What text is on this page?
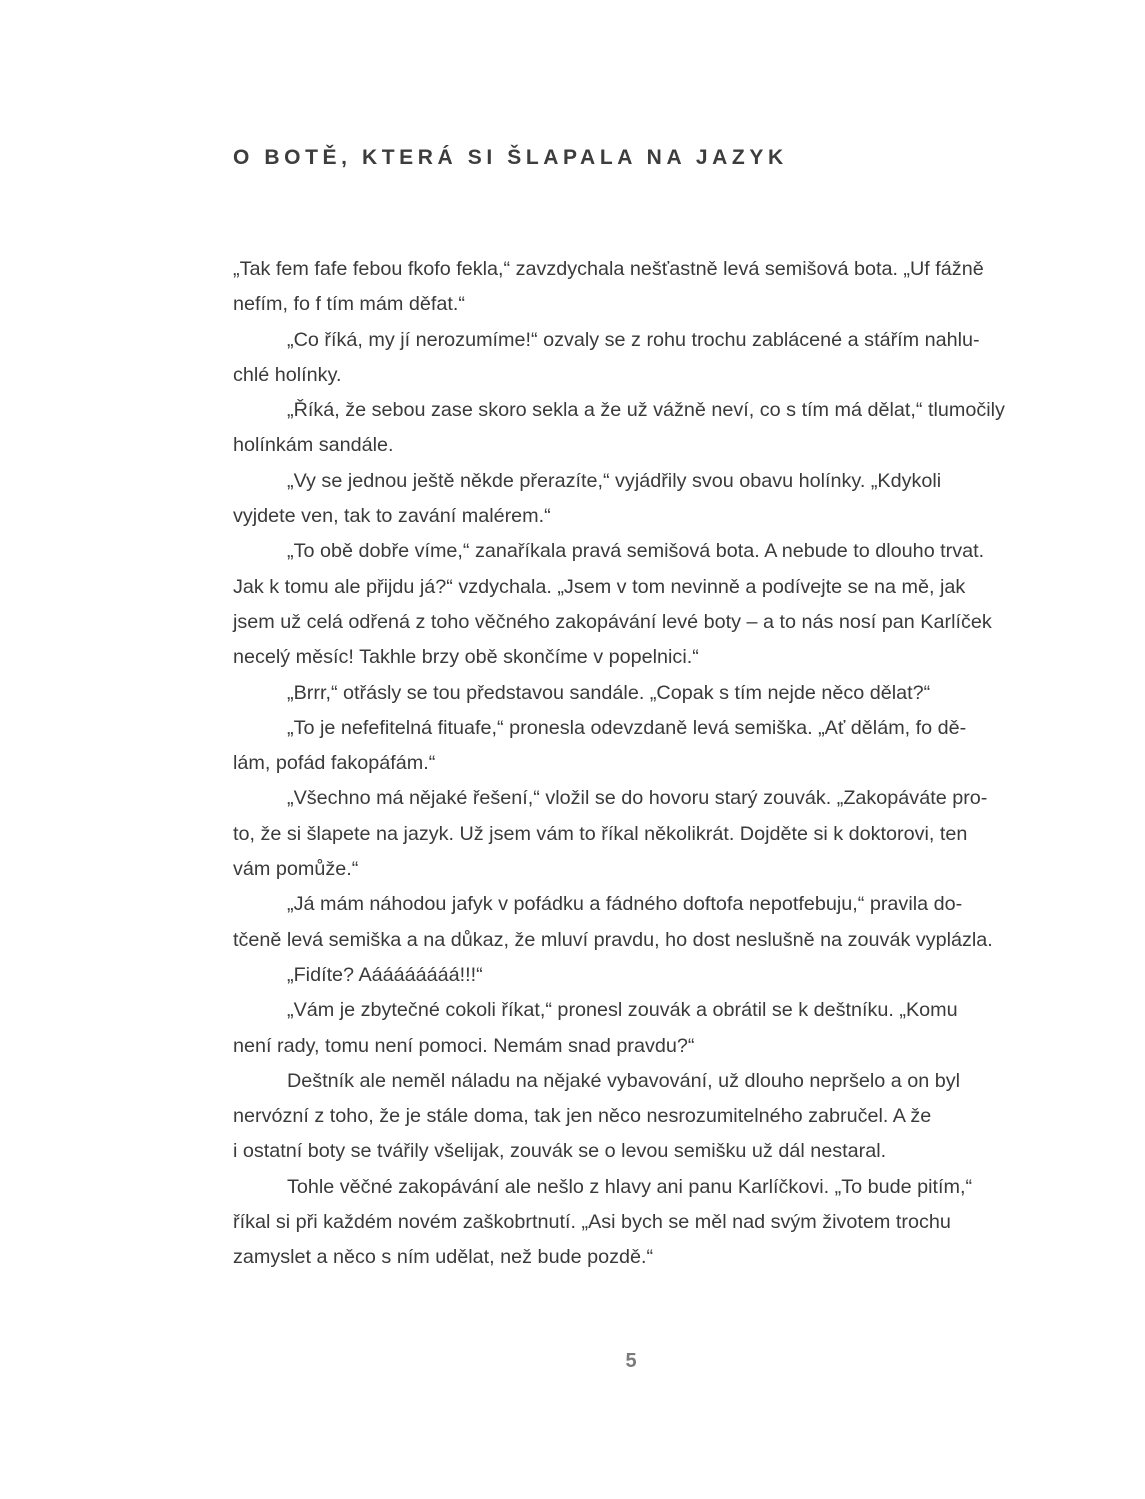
O BOTĚ, KTERÁ SI ŠLAPALA NA JAZYK
„Tak fem fafe febou fkofo fekla,“ zavzdychala nešťastně levá semišová bota. „Uf fážně
nefím, fo f tím mám děfat.“
„Co říká, my jí nerozumíme!“ ozvaly se z rohu trochu zablácené a stářím nahlu-
chlé holínky.
„Říká, že sebou zase skoro sekla a že už vážně neví, co s tím má dělat,“ tlumočily
holínkám sandále.
„Vy se jednou ještě někde přerazíte,“ vyjádřily svou obavu holínky. „Kdykoli
vyjdete ven, tak to zavání malérem.“
„To obě dobře víme,“ zanaříkala pravá semišová bota. A nebude to dlouho trvat.
Jak k tomu ale přijdu já?“ vzdychala. „Jsem v tom nevinně a podívejte se na mě, jak
jsem už celá odřená z toho věčného zakopávání levé boty – a to nás nosí pan Karlíček
necelý měsíc! Takhle brzy obě skončíme v popelnici.“
„Brrr,“ otřásly se tou představou sandále. „Copak s tím nejde něco dělat?“
„To je nefefitelná fituafe,“ pronesla odevzdaně levá semiška. „Ať dělám, fo dě-
lám, pofád fakopáfám.“
„Všechno má nějaké řešení,“ vložil se do hovoru starý zouvák. „Zakopáváte pro-
to, že si šlapete na jazyk. Už jsem vám to říkal několikrát. Dojděte si k doktorovi, ten
vám pomůže.“
„Já mám náhodou jafyk v pofádku a fádného doftofa nepotfebuju,“ pravila do-
tčeně levá semiška a na důkaz, že mluví pravdu, ho dost neslušně na zouvák vyplázla.
„Fidíte? Aáááááááá!!!“
„Vám je zbytečné cokoli říkat,“ pronesl zouvák a obrátil se k deštníku. „Komu
není rady, tomu není pomoci. Nemám snad pravdu?“
Deštník ale neměl náladu na nějaké vybavování, už dlouho nepršelo a on byl
nervózní z toho, že je stále doma, tak jen něco nesrozumitelného zabručel. A že
i ostatní boty se tvářily všelijak, zouvák se o levou semišku už dál nestaral.
Tohle věčné zakopávání ale nešlo z hlavy ani panu Karlíčkovi. „To bude pitím,“
říkal si při každém novém zaškobrtnutí. „Asi bych se měl nad svým životem trochu
zamyslet a něco s ním udělat, než bude pozdě.“
5
